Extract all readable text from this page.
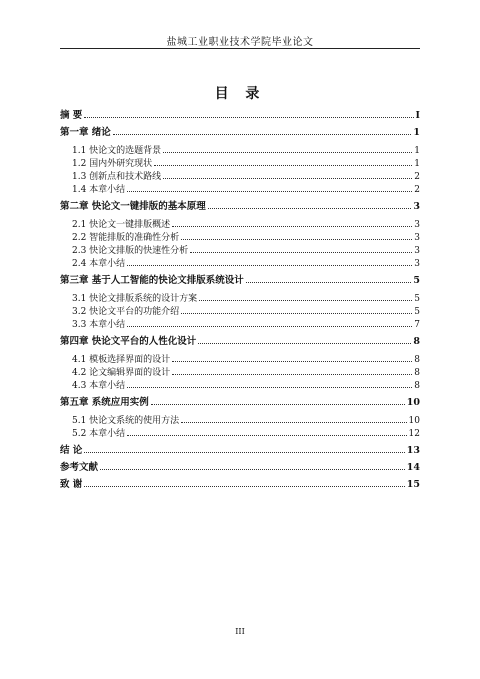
盐城工业职业技术学院毕业论文
目 录
摘 要	I
第一章 绪论	1
1.1 快论文的选题背景	1
1.2 国内外研究现状	1
1.3 创新点和技术路线	2
1.4 本章小结	2
第二章 快论文一键排版的基本原理	3
2.1 快论文一键排版概述	3
2.2 智能排版的准确性分析	3
2.3 快论文排版的快速性分析	3
2.4 本章小结	3
第三章 基于人工智能的快论文排版系统设计	5
3.1 快论文排版系统的设计方案	5
3.2 快论文平台的功能介绍	5
3.3 本章小结	7
第四章 快论文平台的人性化设计	8
4.1 模板选择界面的设计	8
4.2 论文编辑界面的设计	8
4.3 本章小结	8
第五章 系统应用实例	10
5.1 快论文系统的使用方法	10
5.2 本章小结	12
结 论	13
参考文献	14
致 谢	15
III
